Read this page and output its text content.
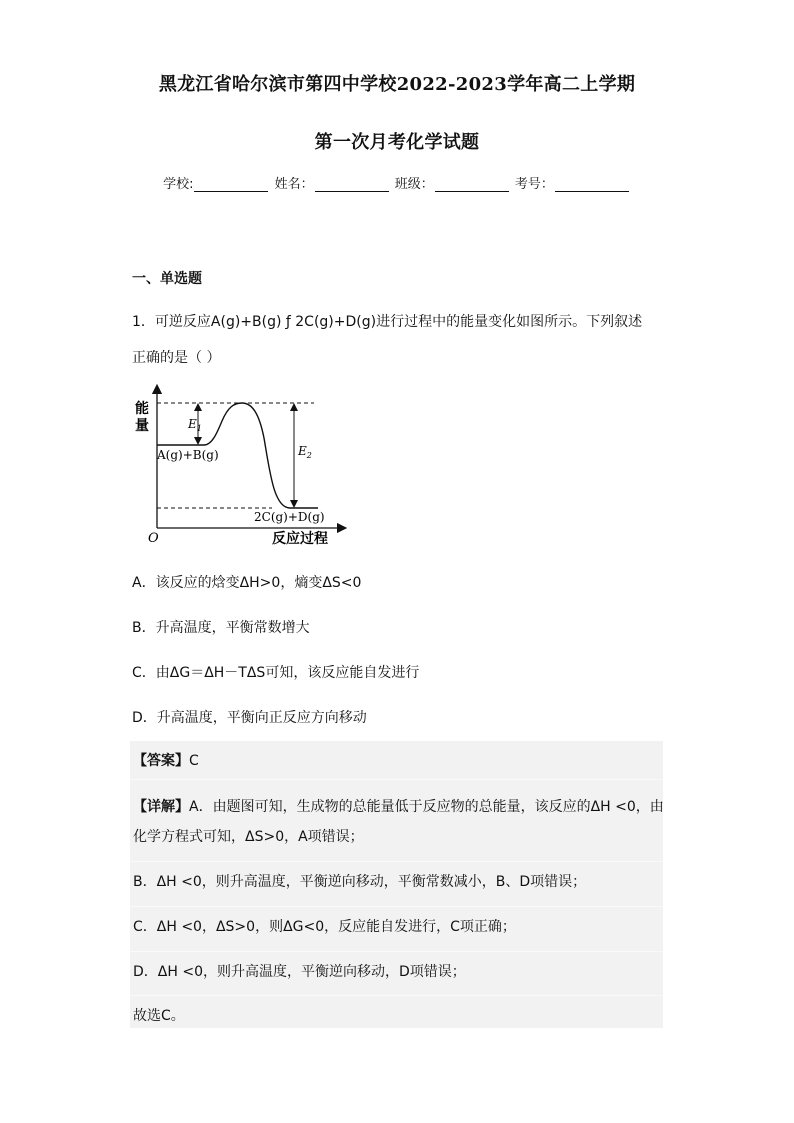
黑龙江省哈尔滨市第四中学校2022-2023学年高二上学期
第一次月考化学试题
学校:	姓名：	班级：	考号：
一、单选题
1．可逆反应A(g)+B(g) ƒ 2C(g)+D(g)进行过程中的能量变化如图所示。下列叙述
正确的是（ ）
能
量	$E_1$
A(g)+B(g)	$E_2$
2C(g)+D(g)
O	反应过程
A．该反应的焓变ΔH>0，熵变ΔS<0
B．升高温度，平衡常数增大
C．由ΔG＝ΔH－TΔS可知，该反应能自发进行
D．升高温度，平衡向正反应方向移动
【答案】C
【详解】A．由题图可知，生成物的总能量低于反应物的总能量，该反应的ΔH <0，由
化学方程式可知，ΔS>0，A项错误；
B．ΔH <0，则升高温度，平衡逆向移动，平衡常数减小，B、D项错误；
C．ΔH <0，ΔS>0，则ΔG<0，反应能自发进行，C项正确；
D．ΔH <0，则升高温度，平衡逆向移动，D项错误；
故选C。
